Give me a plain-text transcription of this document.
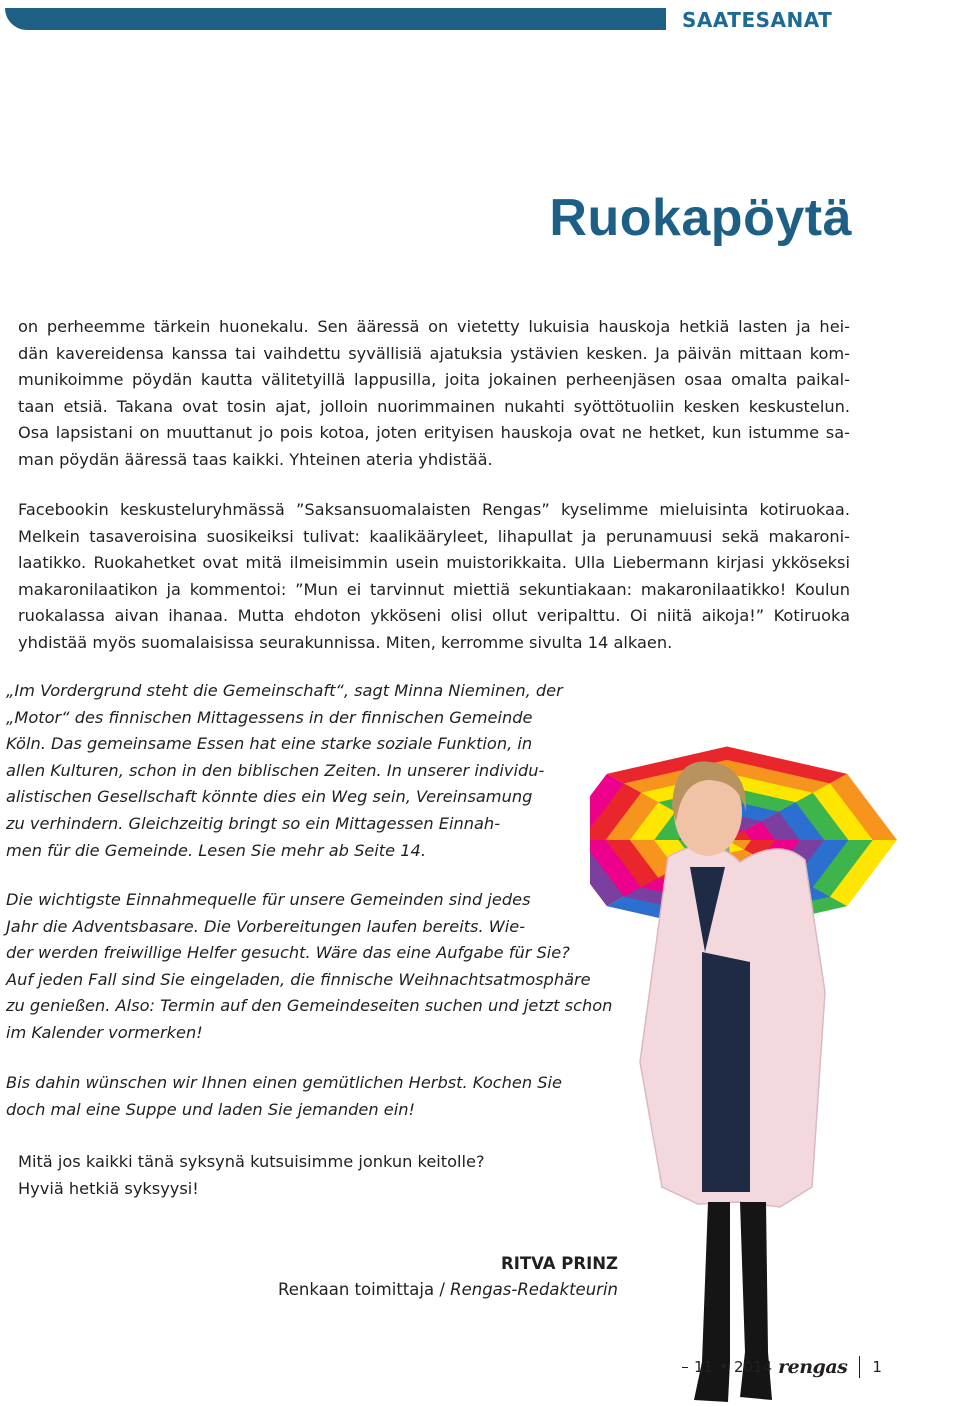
SAATESANAT
Ruokapöytä

on perheemme tärkein huonekalu. Sen ääressä on vietetty lukuisia hauskoja hetkiä lasten ja hei-

dän kavereidensa kanssa tai vaihdettu syvällisiä ajatuksia ystävien kesken. Ja päivän mittaan kom-

munikoimme pöydän kautta välitetyillä lappusilla, joita jokainen perheenjäsen osaa omalta paikal-

taan etsiä. Takana ovat tosin ajat, jolloin nuorimmainen nukahti syöttötuoliin kesken keskustelun.

Osa lapsistani on muuttanut jo pois kotoa, joten erityisen hauskoja ovat ne hetket, kun istumme sa-

man pöydän ääressä taas kaikki. Yhteinen ateria yhdistää.

Facebookin keskusteluryhmässä ”Saksansuomalaisten Rengas” kyselimme mieluisinta kotiruokaa.

Melkein tasaveroisina suosikeiksi tulivat: kaalikääryleet, lihapullat ja perunamuusi sekä makaroni-

laatikko. Ruokahetket ovat mitä ilmeisimmin usein muistorikkaita. Ulla Liebermann kirjasi ykköseksi

makaronilaatikon ja kommentoi: ”Mun ei tarvinnut miettiä sekuntiakaan: makaronilaatikko! Koulun

ruokalassa aivan ihanaa. Mutta ehdoton ykköseni olisi ollut veripalttu. Oi niitä aikoja!” Kotiruoka

yhdistää myös suomalaisissa seurakunnissa. Miten, kerromme sivulta 14 alkaen.

„Im Vordergrund steht die Gemeinschaft“, sagt Minna Nieminen, der
„Motor“ des finnischen Mittagessens in der finnischen Gemeinde
Köln. Das gemeinsame Essen hat eine starke soziale Funktion, in
allen Kulturen, schon in den biblischen Zeiten. In unserer individu-
alistischen Gesellschaft könnte dies ein Weg sein, Vereinsamung
zu verhindern. Gleichzeitig bringt so ein Mittagessen Einnah-
men für die Gemeinde. Lesen Sie mehr ab Seite 14.
Die wichtigste Einnahmequelle für unsere Gemeinden sind jedes
Jahr die Adventsbasare. Die Vorbereitungen laufen bereits. Wie-
der werden freiwillige Helfer gesucht. Wäre das eine Aufgabe für Sie?
Auf jeden Fall sind Sie eingeladen, die finnische Weihnachtsatmosphäre
zu genießen. Also: Termin auf den Gemeindeseiten suchen und jetzt schon
im Kalender vormerken!
Bis dahin wünschen wir Ihnen einen gemütlichen Herbst. Kochen Sie
doch mal eine Suppe und laden Sie jemanden ein!
Mitä jos kaikki tänä syksynä kutsuisimme jonkun keitolle?
Hyviä hetkiä syksyysi!
RITVA PRINZ
Renkaan toimittaja / Rengas-Redakteurin
11 • 2014 rengas 1
